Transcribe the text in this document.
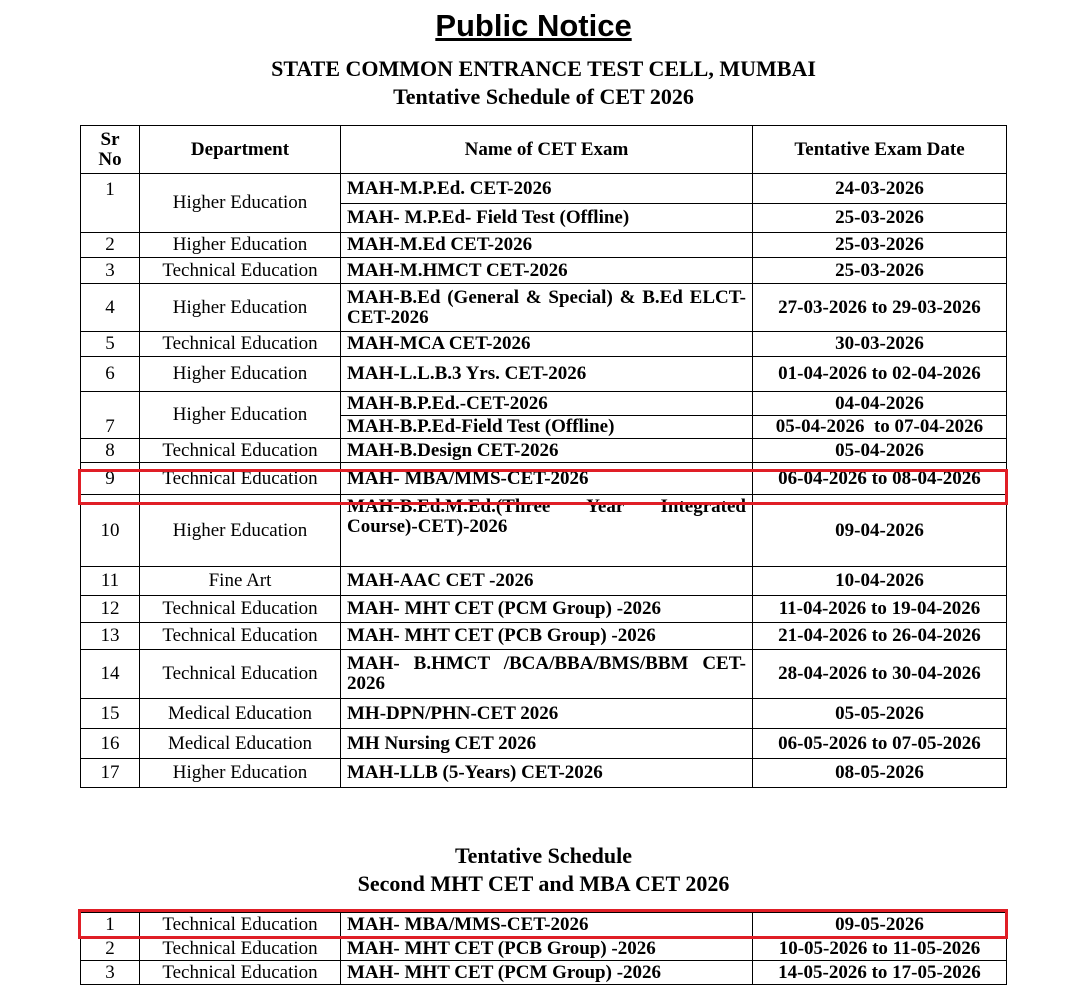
Public Notice
STATE COMMON ENTRANCE TEST CELL, MUMBAI
Tentative Schedule of CET 2026
Sr
No	Department	Name of CET Exam	Tentative Exam Date
1	Higher Education	MAH-M.P.Ed. CET-2026	24-03-2026
		MAH- M.P.Ed- Field Test (Offline)	25-03-2026
2	Higher Education	MAH-M.Ed CET-2026	25-03-2026
3	Technical Education	MAH-M.HMCT CET-2026	25-03-2026
4	Higher Education	MAH-B.Ed (General & Special) & B.Ed ELCT-CET-2026	27-03-2026 to 29-03-2026
5	Technical Education	MAH-MCA CET-2026	30-03-2026
6	Higher Education	MAH-L.L.B.3 Yrs. CET-2026	01-04-2026 to 02-04-2026
7	Higher Education	MAH-B.P.Ed.-CET-2026	04-04-2026
		MAH-B.P.Ed-Field Test (Offline)	05-04-2026  to 07-04-2026
8	Technical Education	MAH-B.Design CET-2026	05-04-2026
9	Technical Education	MAH- MBA/MMS-CET-2026	06-04-2026 to 08-04-2026
10	Higher Education	MAH-B.Ed.M.Ed.(Three Year Integrated Course)-CET)-2026	09-04-2026
11	Fine Art	MAH-AAC CET -2026	10-04-2026
12	Technical Education	MAH- MHT CET (PCM Group) -2026	11-04-2026 to 19-04-2026
13	Technical Education	MAH- MHT CET (PCB Group) -2026	21-04-2026 to 26-04-2026
14	Technical Education	MAH- B.HMCT /BCA/BBA/BMS/BBM CET-2026	28-04-2026 to 30-04-2026
15	Medical Education	MH-DPN/PHN-CET 2026	05-05-2026
16	Medical Education	MH Nursing CET 2026	06-05-2026 to 07-05-2026
17	Higher Education	MAH-LLB (5-Years) CET-2026	08-05-2026
Tentative Schedule
Second MHT CET and MBA CET 2026
1	Technical Education	MAH- MBA/MMS-CET-2026	09-05-2026
2	Technical Education	MAH- MHT CET (PCB Group) -2026	10-05-2026 to 11-05-2026
3	Technical Education	MAH- MHT CET (PCM Group) -2026	14-05-2026 to 17-05-2026
